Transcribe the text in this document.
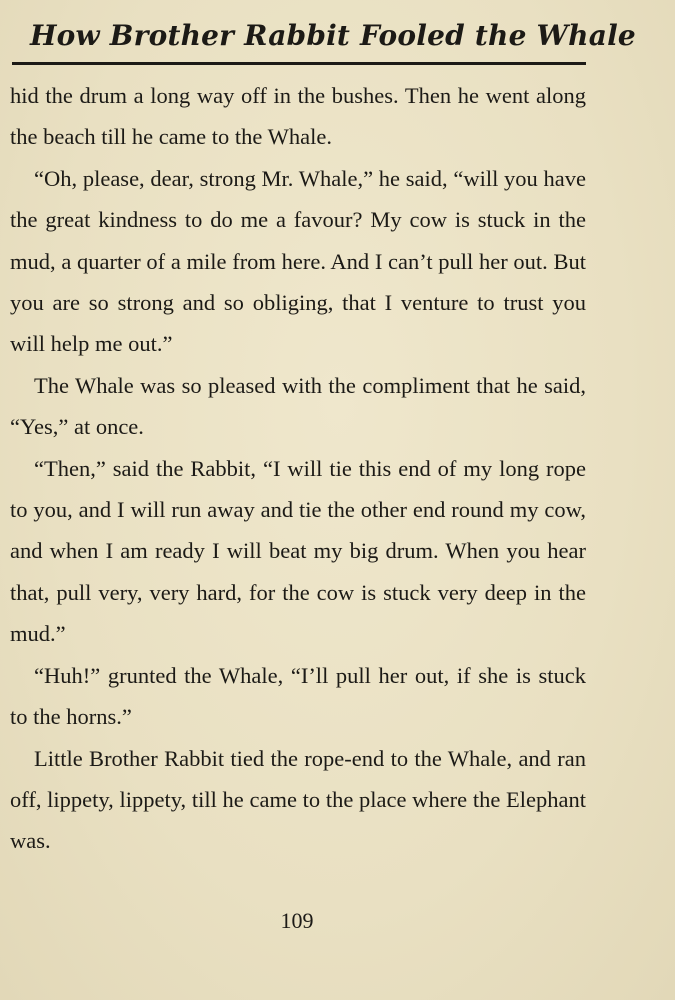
How Brother Rabbit Fooled the Whale

hid the drum a long way off in the bushes. Then he went along the beach till he came to the Whale.

“Oh, please, dear, strong Mr. Whale,” he said, “will you have the great kindness to do me a favour? My cow is stuck in the mud, a quarter of a mile from here. And I can’t pull her out. But you are so strong and so obliging, that I venture to trust you will help me out.”

The Whale was so pleased with the compliment that he said, “Yes,” at once.

“Then,” said the Rabbit, “I will tie this end of my long rope to you, and I will run away and tie the other end round my cow, and when I am ready I will beat my big drum. When you hear that, pull very, very hard, for the cow is stuck very deep in the mud.”

“Huh!” grunted the Whale, “I’ll pull her out, if she is stuck to the horns.”

Little Brother Rabbit tied the rope-end to the Whale, and ran off, lippety, lippety, till he came to the place where the Elephant was.

109
